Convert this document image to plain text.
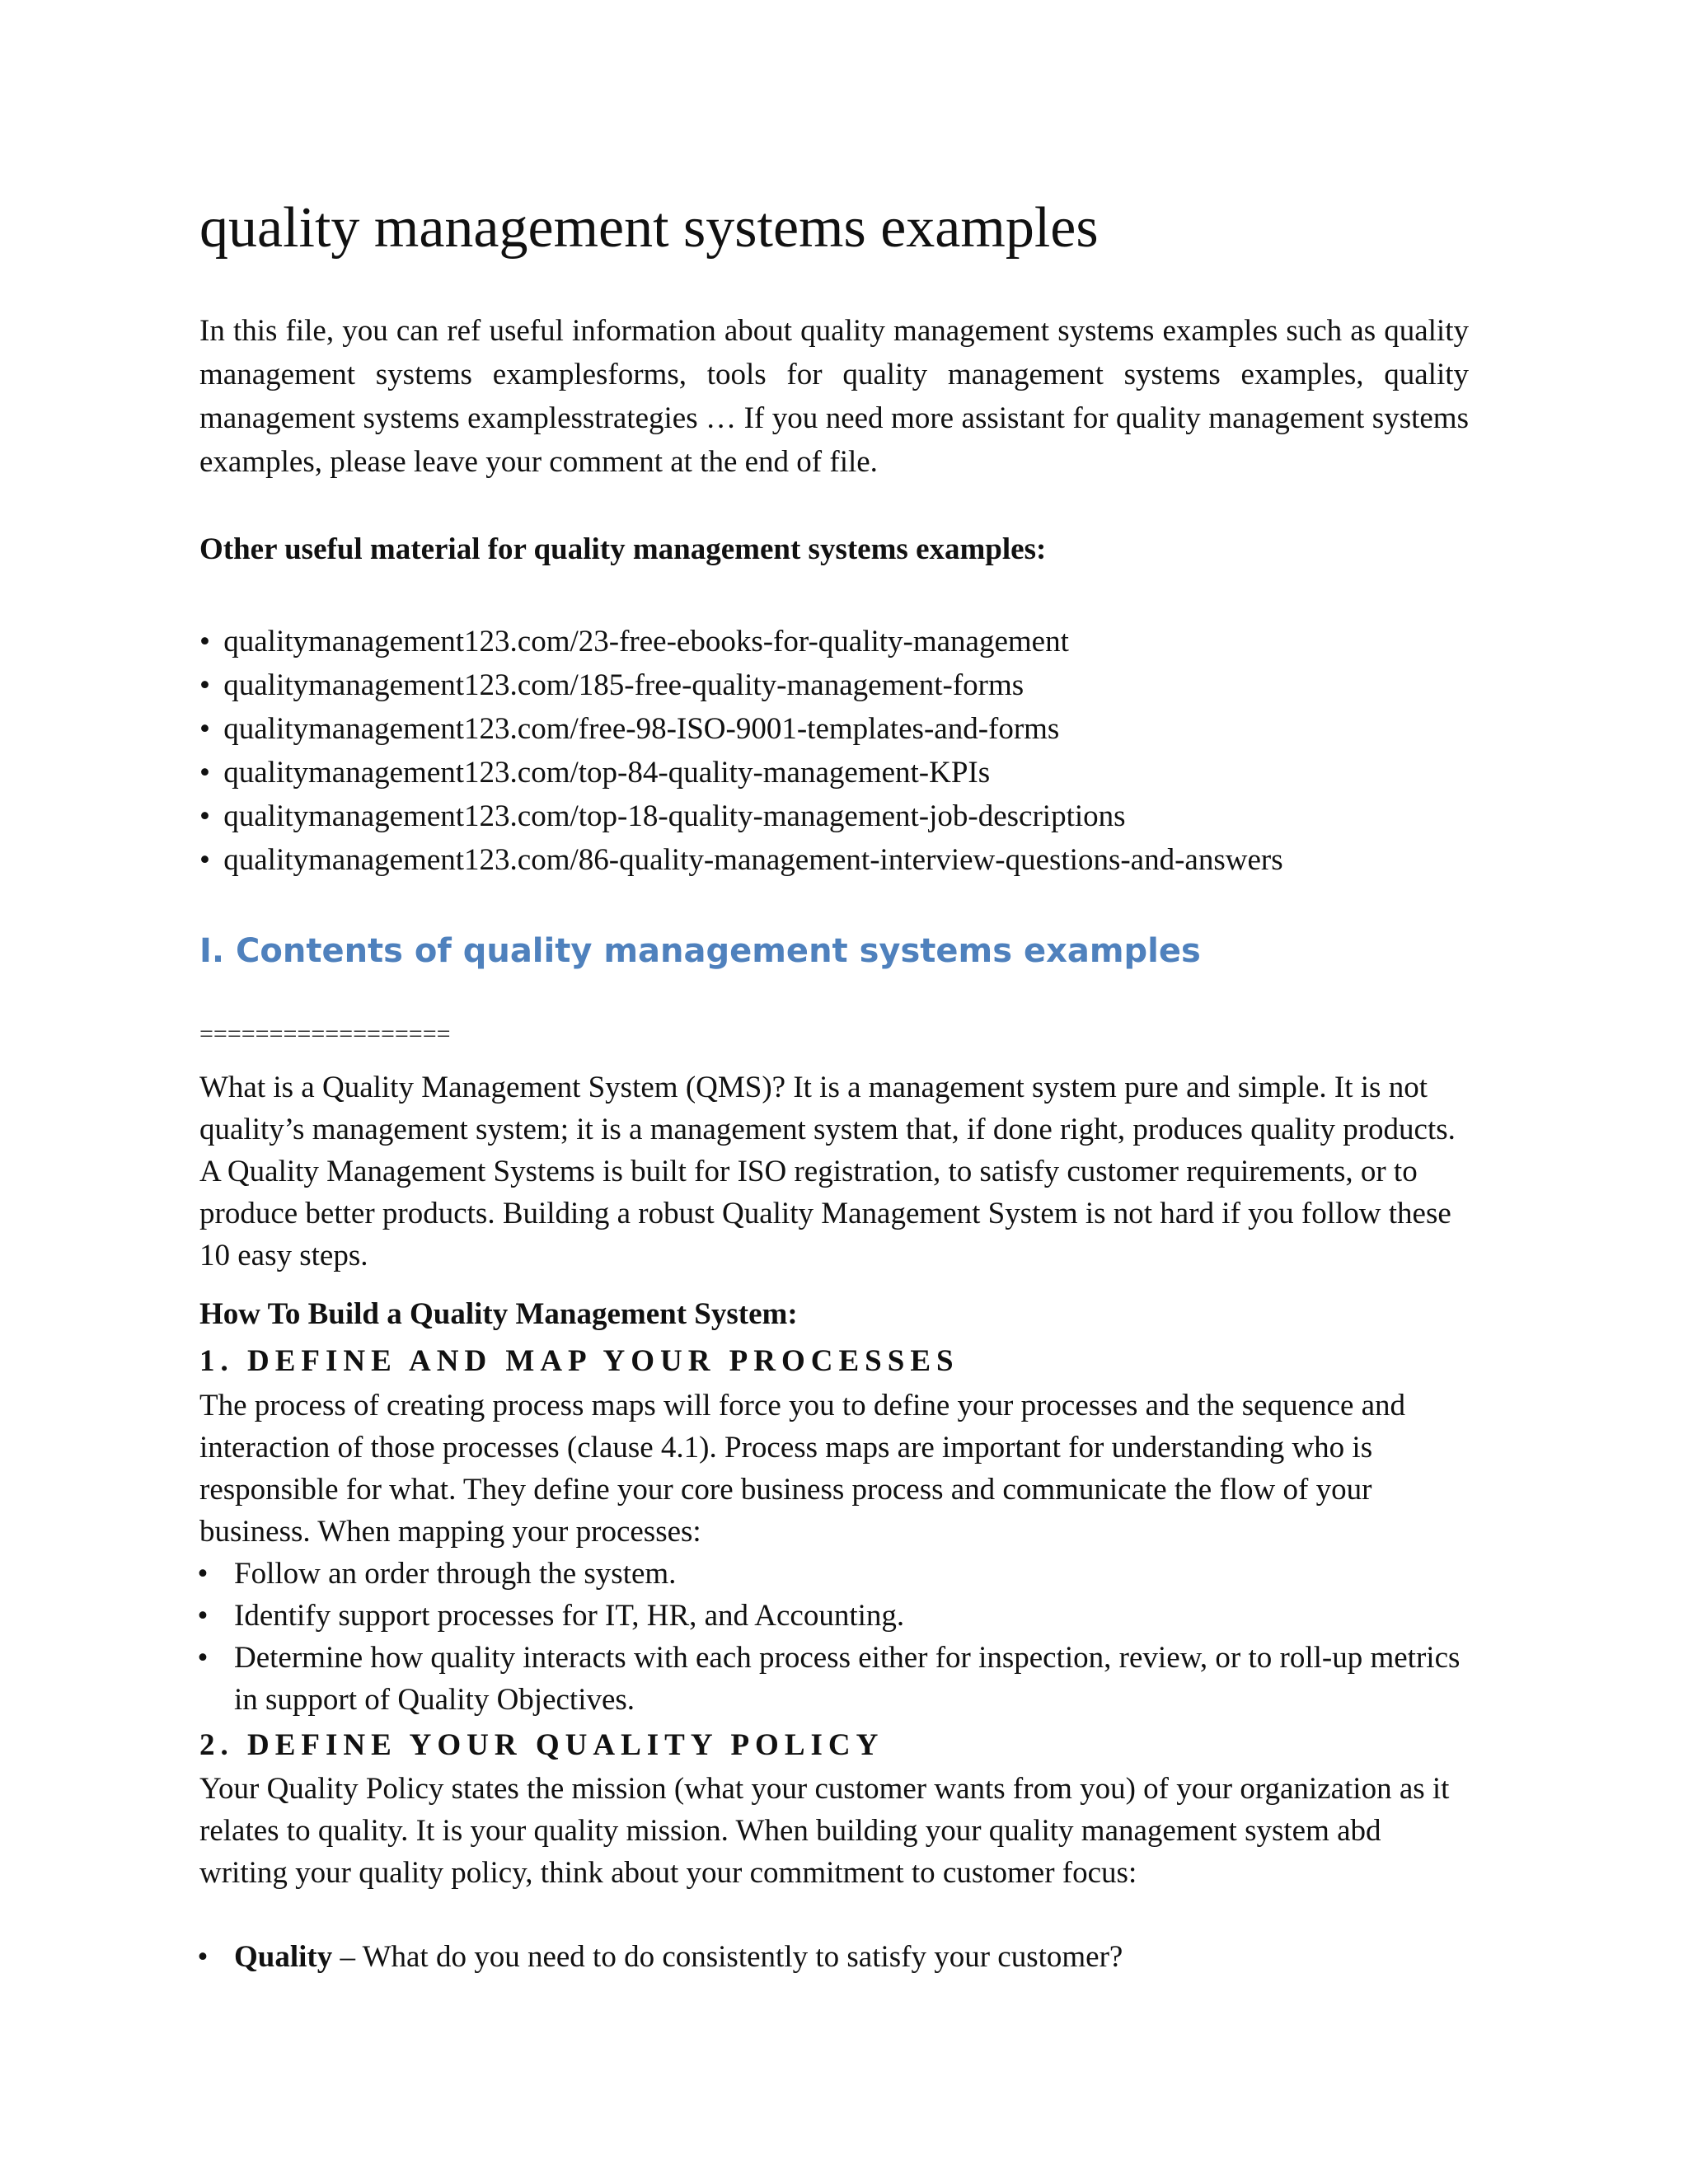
quality management systems examples

In this file, you can ref useful information about quality management systems examples such as quality management systems examplesforms, tools for quality management systems examples, quality management systems examplesstrategies … If you need more assistant for quality management systems examples, please leave your comment at the end of file.

Other useful material for quality management systems examples:

• qualitymanagement123.com/23-free-ebooks-for-quality-management
• qualitymanagement123.com/185-free-quality-management-forms
• qualitymanagement123.com/free-98-ISO-9001-templates-and-forms
• qualitymanagement123.com/top-84-quality-management-KPIs
• qualitymanagement123.com/top-18-quality-management-job-descriptions
• qualitymanagement123.com/86-quality-management-interview-questions-and-answers
I. Contents of quality management systems examples

==================

What is a Quality Management System (QMS)? It is a management system pure and simple. It is not quality’s management system; it is a management system that, if done right, produces quality products. A Quality Management Systems is built for ISO registration, to satisfy customer requirements, or to produce better products. Building a robust Quality Management System is not hard if you follow these 10 easy steps.

How To Build a Quality Management System:

1. DEFINE AND MAP YOUR PROCESSES

The process of creating process maps will force you to define your processes and the sequence and interaction of those processes (clause 4.1). Process maps are important for understanding who is responsible for what. They define your core business process and communicate the flow of your business. When mapping your processes:

• Follow an order through the system.
• Identify support processes for IT, HR, and Accounting.
• Determine how quality interacts with each process either for inspection, review, or to roll-up metrics in support of Quality Objectives.

2. DEFINE YOUR QUALITY POLICY

Your Quality Policy states the mission (what your customer wants from you) of your organization as it relates to quality. It is your quality mission. When building your quality management system abd writing your quality policy, think about your commitment to customer focus:

• Quality – What do you need to do consistently to satisfy your customer?
